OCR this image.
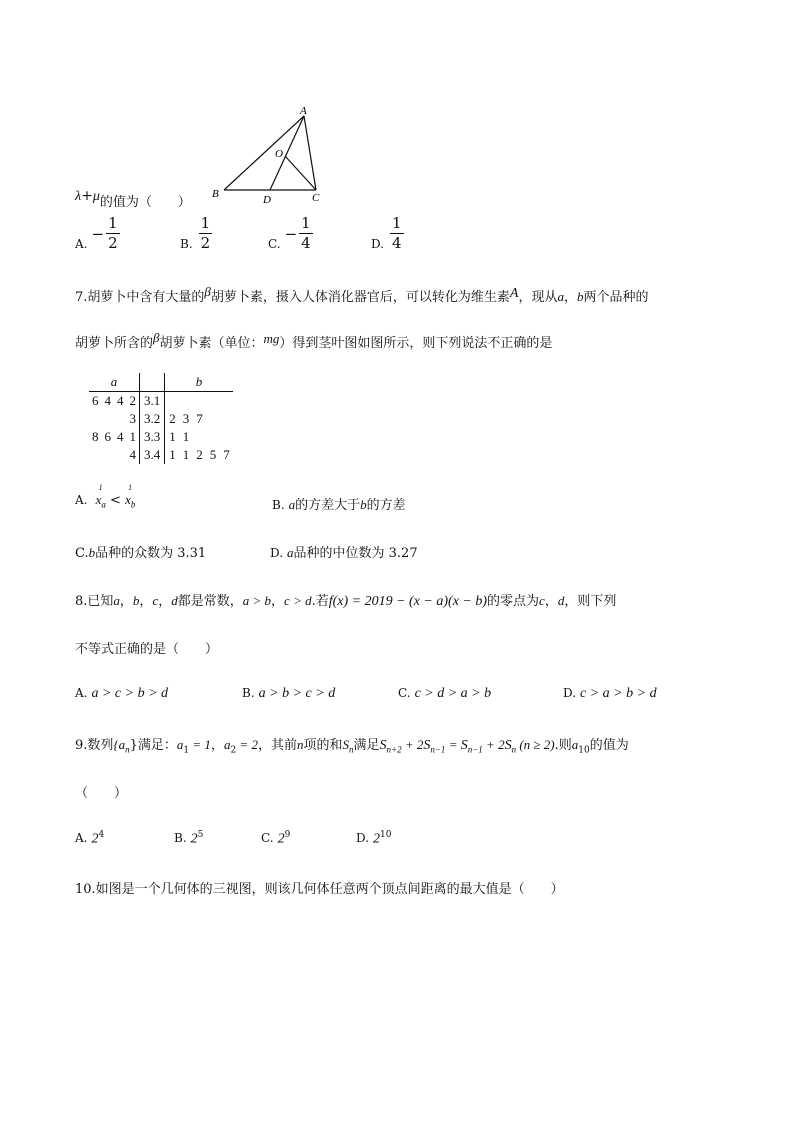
A
O
B	D	C
λ+μ的值为（　　）
A.
− $\frac{1}{2}$	B. $\frac{1}{2}$	C.
− $\frac{1}{4}$	D. $\frac{1}{4}$
7.胡萝卜中含有大量的β胡萝卜素，摄入人体消化器官后，可以转化为维生素A，现从a，b两个品种的
胡萝卜所含的β胡萝卜素（单位：mg）得到茎叶图如图所示，则下列说法不正确的是
a					b				
6	4	4	2	3.1					
			3	3.2	2	3	7		
8	6	4	1	3.3	1	1			
			4	3.4	1	1	2	5	7
A.
1
$x_a$ <
1
$x_b$	B. a的方差大于b的方差
C.b品种的众数为 3.31	D. a品种的中位数为 3.27
8.已知a，b，c，d都是常数，a > b，c > d.若f(x) = 2019 − (x − a)(x − b)的零点为c，d，则下列
不等式正确的是（　　）
A. a > c > b > d	B. a > b > c > d	C. c > d > a > b	D. c > a > b > d
9.数列$\{a_n\}$满足：$a_1 = 1$，$a_2 = 2$，其前n项的和$S_n$满足$S_{n+2} + 2S_{n-1} = S_{n-1} + 2S_n$ (n ≥ 2).则$a_{10}$的值为
（　　）
A. $2^4$	B. $2^5$	C. $2^9$	D. $2^{10}$
10.如图是一个几何体的三视图，则该几何体任意两个顶点间距离的最大值是（　　）
